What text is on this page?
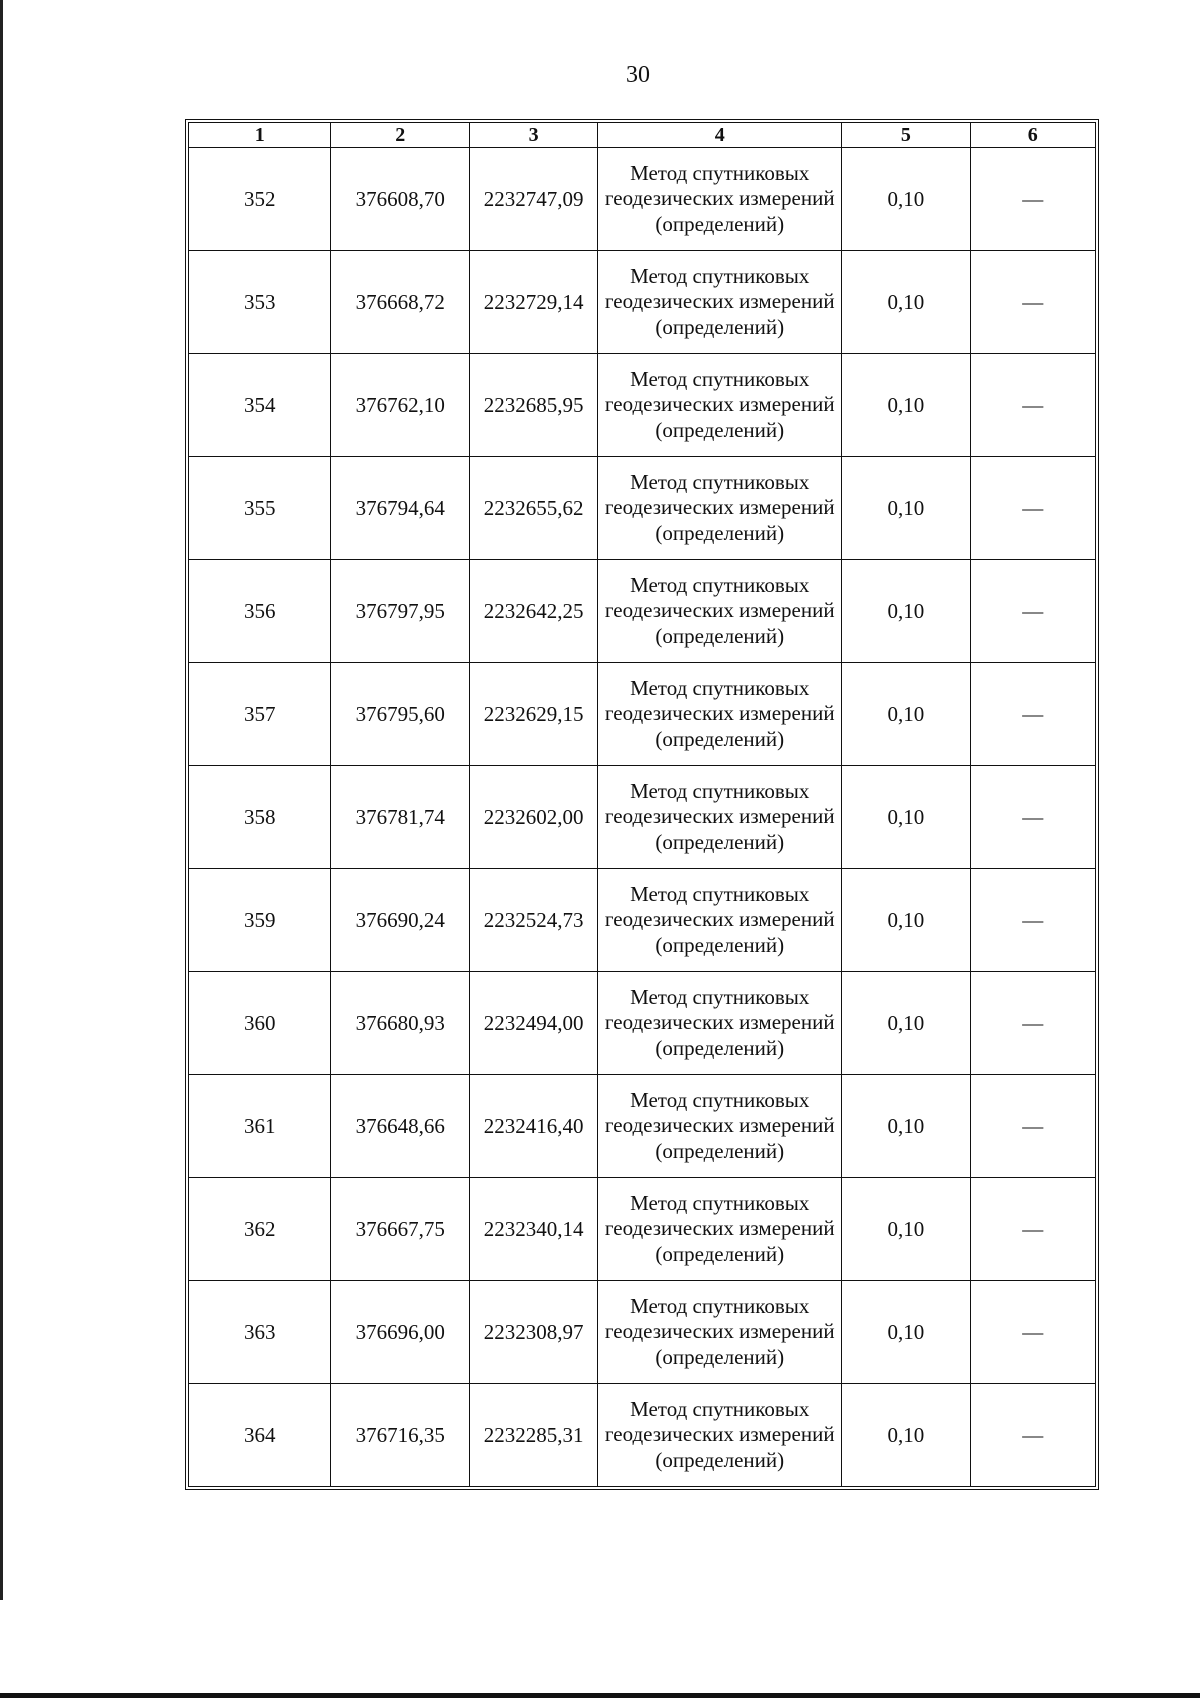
30
1	2	3	4	5	6
352	376608,70	2232747,09	Метод спутниковых геодезических измерений (определений)	0,10	—
353	376668,72	2232729,14	Метод спутниковых геодезических измерений (определений)	0,10	—
354	376762,10	2232685,95	Метод спутниковых геодезических измерений (определений)	0,10	—
355	376794,64	2232655,62	Метод спутниковых геодезических измерений (определений)	0,10	—
356	376797,95	2232642,25	Метод спутниковых геодезических измерений (определений)	0,10	—
357	376795,60	2232629,15	Метод спутниковых геодезических измерений (определений)	0,10	—
358	376781,74	2232602,00	Метод спутниковых геодезических измерений (определений)	0,10	—
359	376690,24	2232524,73	Метод спутниковых геодезических измерений (определений)	0,10	—
360	376680,93	2232494,00	Метод спутниковых геодезических измерений (определений)	0,10	—
361	376648,66	2232416,40	Метод спутниковых геодезических измерений (определений)	0,10	—
362	376667,75	2232340,14	Метод спутниковых геодезических измерений (определений)	0,10	—
363	376696,00	2232308,97	Метод спутниковых геодезических измерений (определений)	0,10	—
364	376716,35	2232285,31	Метод спутниковых геодезических измерений (определений)	0,10	—
